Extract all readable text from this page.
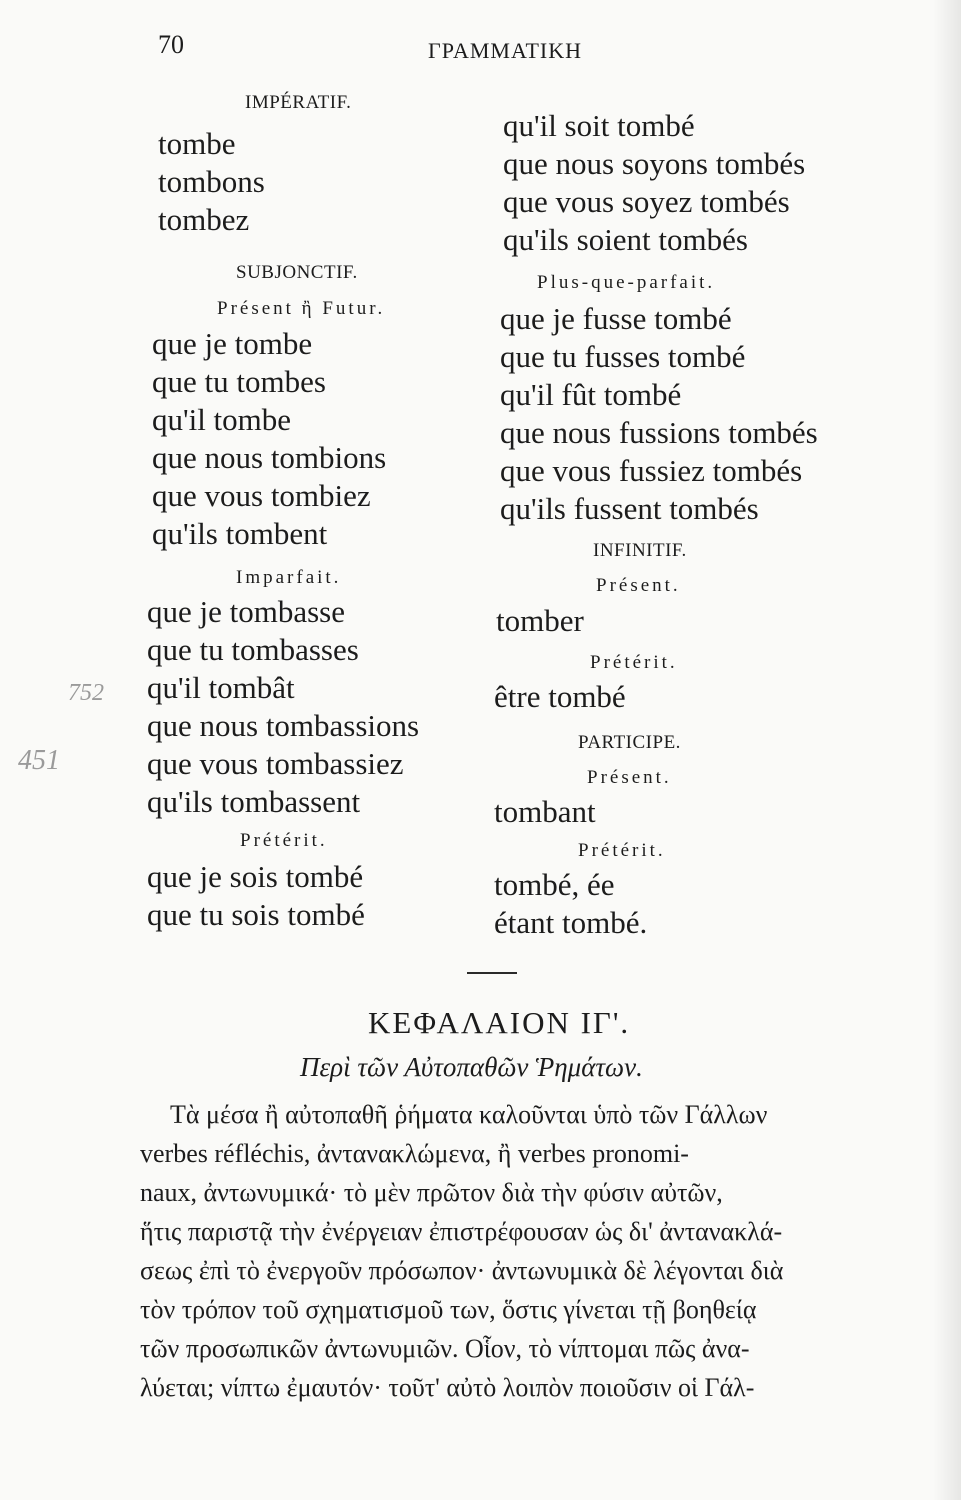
70	ΓΡΑΜΜΑΤΙΚΗ
IMPÉRATIF.
tombe
tombons
tombez
SUBJONCTIF.
Présent ἢ Futur.
que je tombe
que tu tombes
qu'il tombe
que nous tombions
que vous tombiez
qu'ils tombent
Imparfait.
que je tombasse
que tu tombasses
qu'il tombât
que nous tombassions
que vous tombassiez
qu'ils tombassent
Prétérit.
que je sois tombé
que tu sois tombé
qu'il soit tombé
que nous soyons tombés
que vous soyez tombés
qu'ils soient tombés
Plus-que-parfait.
que je fusse tombé
que tu fusses tombé
qu'il fût tombé
que nous fussions tombés
que vous fussiez tombés
qu'ils fussent tombés
INFINITIF.
Présent.
tomber
Prétérit.
être tombé
PARTICIPE.
Présent.
tombant
Prétérit.
tombé, ée
étant tombé.
ΚΕΦΑΛΑΙΟΝ ΙΓ'.
Περὶ τῶν Αὐτοπαθῶν Ῥημάτων.
Τὰ μέσα ἢ αὐτοπαθῆ ῥήματα καλοῦνται ὑπὸ τῶν Γάλλων
verbes réfléchis, ἀντανακλώμενα, ἢ verbes pronomi-
naux, ἀντωνυμικά· τὸ μὲν πρῶτον διὰ τὴν φύσιν αὐτῶν,
ἥτις παριστᾷ τὴν ἐνέργειαν ἐπιστρέφουσαν ὡς δι' ἀντανακλά-
σεως ἐπὶ τὸ ἐνεργοῦν πρόσωπον· ἀντωνυμικὰ δὲ λέγονται διὰ
τὸν τρόπον τοῦ σχηματισμοῦ των, ὅστις γίνεται τῇ βοηθείᾳ
τῶν προσωπικῶν ἀντωνυμιῶν. Οἷον, τὸ νίπτομαι πῶς ἀνα-
λύεται; νίπτω ἐμαυτόν· τοῦτ' αὐτὸ λοιπὸν ποιοῦσιν οἱ Γάλ-
752
451
